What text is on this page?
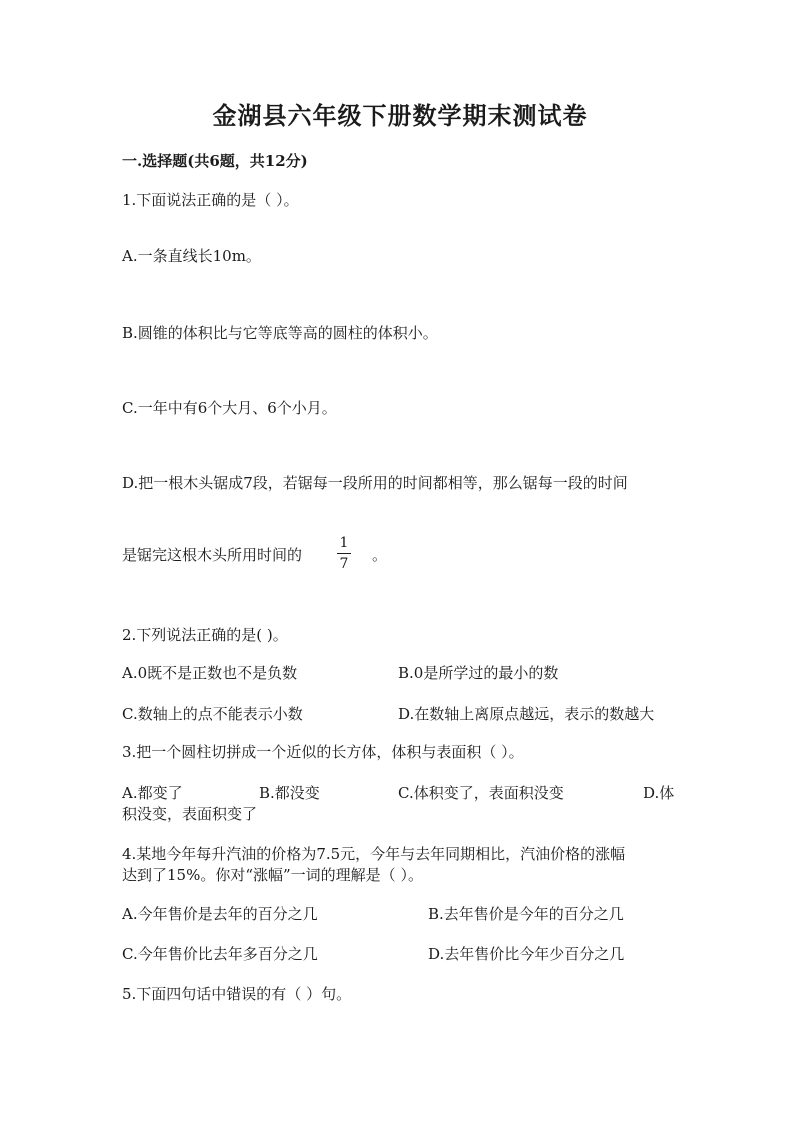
金湖县六年级下册数学期末测试卷
一.选择题(共6题，共12分)
1.下面说法正确的是（ ）。
A.一条直线长10m。
B.圆锥的体积比与它等底等高的圆柱的体积小。
C.一年中有6个大月、6个小月。
D.把一根木头锯成7段，若锯每一段所用的时间都相等，那么锯每一段的时间
是锯完这根木头所用时间的
1
7 。
2.下列说法正确的是( )。
A.0既不是正数也不是负数	B.0是所学过的最小的数
C.数轴上的点不能表示小数	D.在数轴上离原点越远，表示的数越大
3.把一个圆柱切拼成一个近似的长方体，体积与表面积（ ）。
A.都变了	B.都没变	C.体积变了，表面积没变	D.体
积没变，表面积变了
4.某地今年每升汽油的价格为7.5元，今年与去年同期相比，汽油价格的涨幅
达到了15%。你对“涨幅”一词的理解是（ ）。
A.今年售价是去年的百分之几	B.去年售价是今年的百分之几
C.今年售价比去年多百分之几	D.去年售价比今年少百分之几
5.下面四句话中错误的有（ ）句。
